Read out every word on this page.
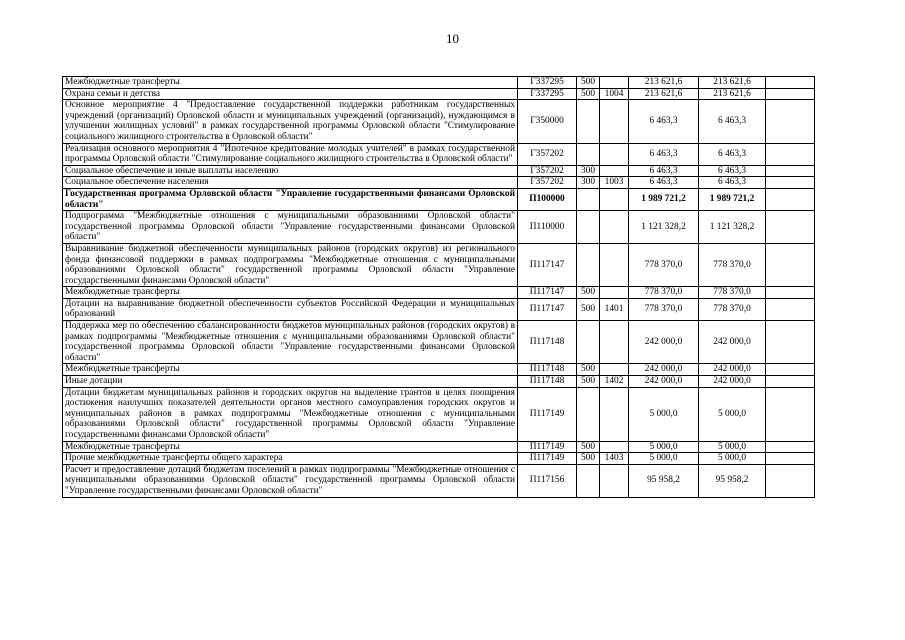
10
Межбюджетные трансферты	Г337295	500		213 621,6	213 621,6	
Охрана семьи и детства	Г337295	500	1004	213 621,6	213 621,6	
Основное мероприятие 4 "Предоставление государственной поддержки работникам государственных учреждений (организаций) Орловской области и муниципальных учреждений (организаций), нуждающимся в улучшении жилищных условий" в рамках государственной программы Орловской области "Стимулирование социального жилищного строительства в Орловской области"	Г350000			6 463,3	6 463,3	
Реализация основного мероприятия 4 "Ипотечное кредитование молодых учителей" в рамках государственной программы Орловской области "Стимулирование социального жилищного строительства в Орловской области"	Г357202			6 463,3	6 463,3	
Социальное обеспечение и иные выплаты населению	Г357202	300		6 463,3	6 463,3	
Социальное обеспечение населения	Г357202	300	1003	6 463,3	6 463,3	
Государственная программа Орловской области "Управление государственными финансами Орловской области"	П100000			1 989 721,2	1 989 721,2	
Подпрограмма "Межбюджетные отношения с муниципальными образованиями Орловской области" государственной программы Орловской области "Управление государственными финансами Орловской области"	П110000			1 121 328,2	1 121 328,2	
Выравнивание бюджетной обеспеченности муниципальных районов (городских округов) из регионального фонда финансовой поддержки в рамках подпрограммы "Межбюджетные отношения с муниципальными образованиями Орловской области" государственной программы Орловской области "Управление государственными финансами Орловской области"	П117147			778 370,0	778 370,0	
Межбюджетные трансферты	П117147	500		778 370,0	778 370,0	
Дотации на выравнивание бюджетной обеспеченности субъектов Российской Федерации и муниципальных образований	П117147	500	1401	778 370,0	778 370,0	
Поддержка мер по обеспечению сбалансированности бюджетов муниципальных районов (городских округов) в рамках подпрограммы "Межбюджетные отношения с муниципальными образованиями Орловской области" государственной программы Орловской области "Управление государственными финансами Орловской области"	П117148			242 000,0	242 000,0	
Межбюджетные трансферты	П117148	500		242 000,0	242 000,0	
Иные дотации	П117148	500	1402	242 000,0	242 000,0	
Дотации бюджетам муниципальных районов и городских округов на выделение грантов в целях поощрения достижения наилучших показателей деятельности органов местного самоуправления городских округов и муниципальных районов в рамках подпрограммы "Межбюджетные отношения с муниципальными образованиями Орловской области" государственной программы Орловской области "Управление государственными финансами Орловской области"	П117149			5 000,0	5 000,0	
Межбюджетные трансферты	П117149	500		5 000,0	5 000,0	
Прочие межбюджетные трансферты общего характера	П117149	500	1403	5 000,0	5 000,0	
Расчет и предоставление дотаций бюджетам поселений в рамках подпрограммы "Межбюджетные отношения с муниципальными образованиями Орловской области" государственной программы Орловской области "Управление государственными финансами Орловской области"	П117156			95 958,2	95 958,2	
